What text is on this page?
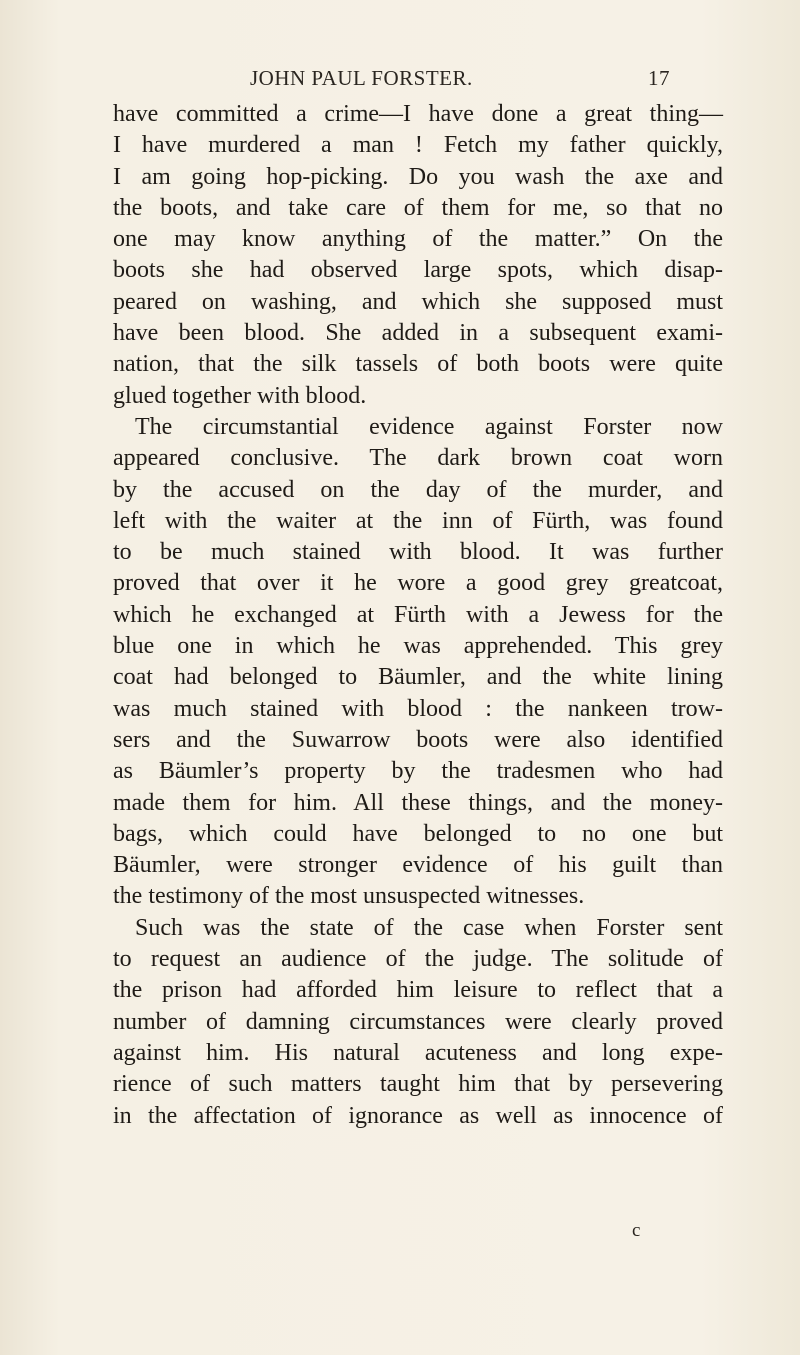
JOHN PAUL FORSTER.	17
have committed a crime—I have done a great thing—
I have murdered a man ! Fetch my father quickly,
I am going hop-picking. Do you wash the axe and
the boots, and take care of them for me, so that no
one may know anything of the matter.” On the
boots she had observed large spots, which disap-
peared on washing, and which she supposed must
have been blood. She added in a subsequent exami-
nation, that the silk tassels of both boots were quite
glued together with blood.
The circumstantial evidence against Forster now
appeared conclusive. The dark brown coat worn
by the accused on the day of the murder, and
left with the waiter at the inn of Fürth, was found
to be much stained with blood. It was further
proved that over it he wore a good grey greatcoat,
which he exchanged at Fürth with a Jewess for the
blue one in which he was apprehended. This grey
coat had belonged to Bäumler, and the white lining
was much stained with blood : the nankeen trow-
sers and the Suwarrow boots were also identified
as Bäumler’s property by the tradesmen who had
made them for him. All these things, and the money-
bags, which could have belonged to no one but
Bäumler, were stronger evidence of his guilt than
the testimony of the most unsuspected witnesses.
Such was the state of the case when Forster sent
to request an audience of the judge. The solitude of
the prison had afforded him leisure to reflect that a
number of damning circumstances were clearly proved
against him. His natural acuteness and long expe-
rience of such matters taught him that by persevering
in the affectation of ignorance as well as innocence of
c
